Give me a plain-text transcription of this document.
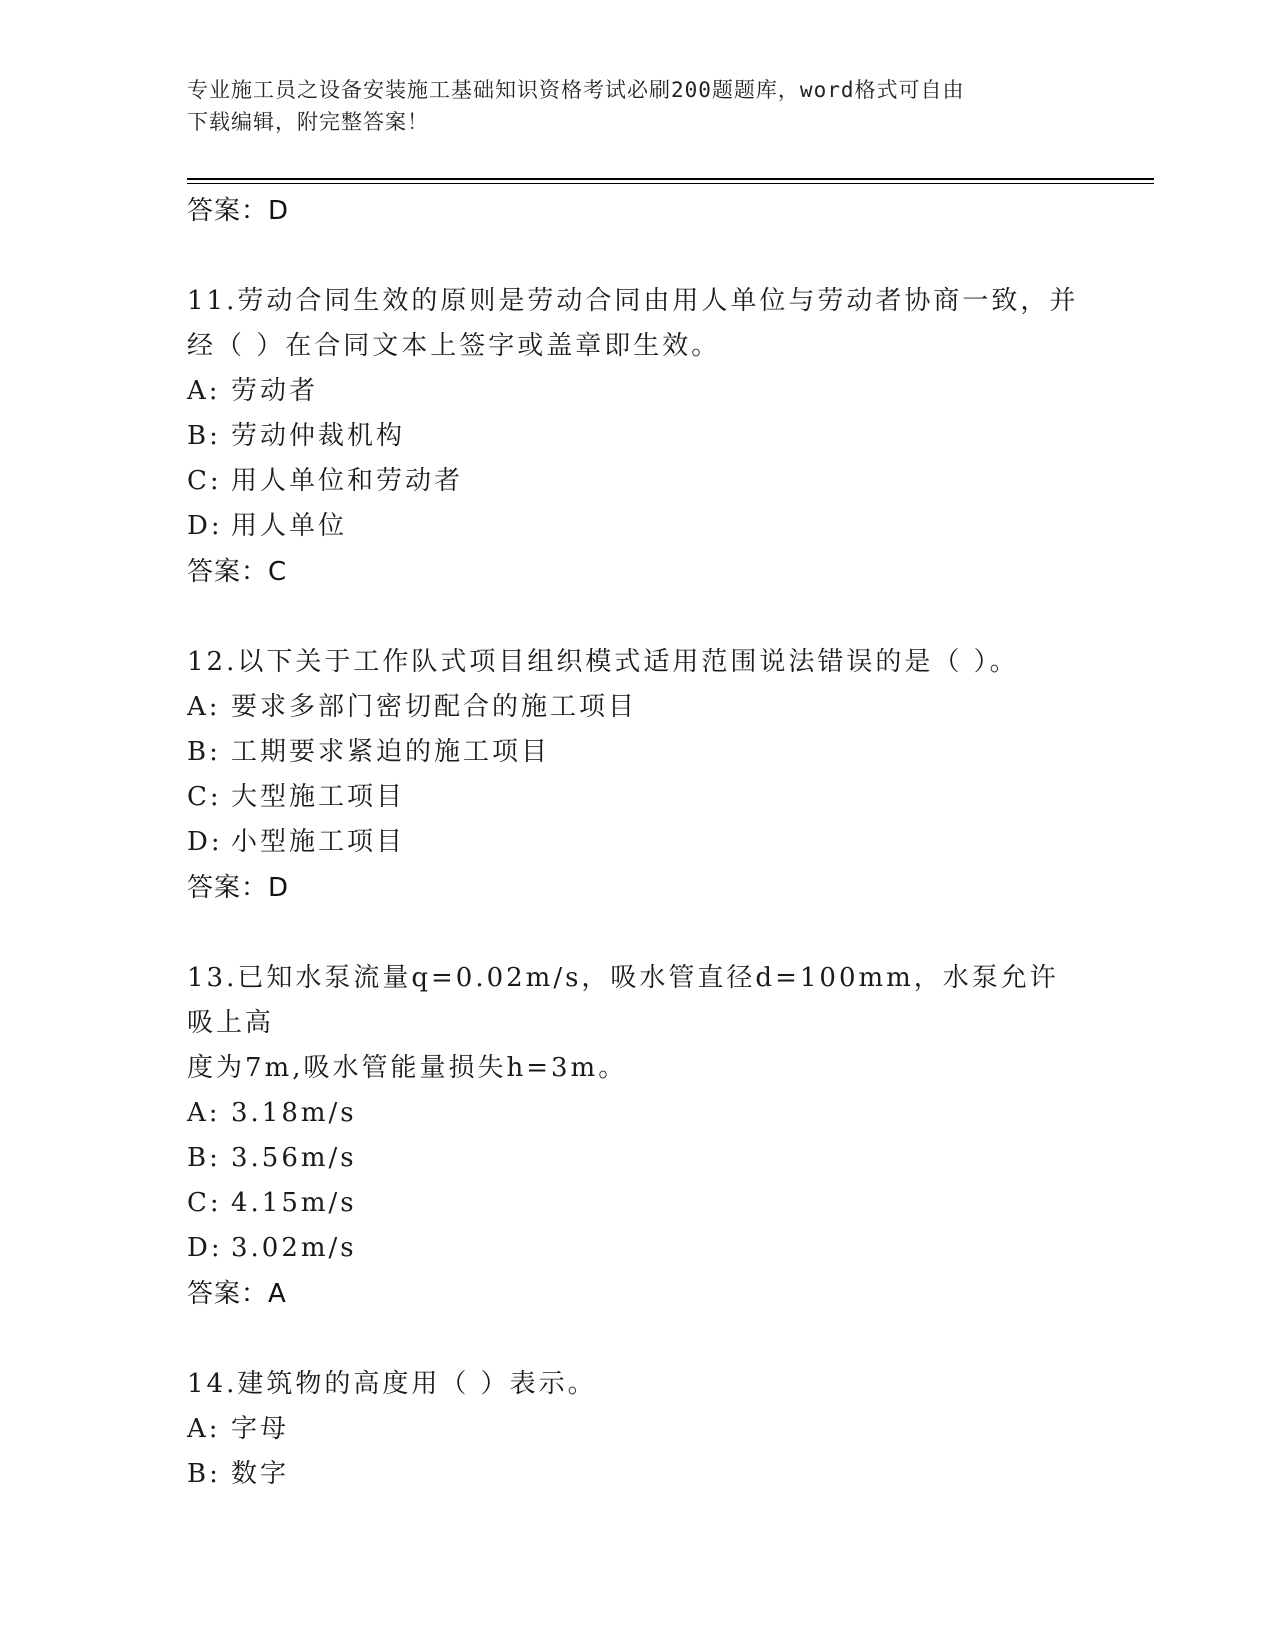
专业施工员之设备安装施工基础知识资格考试必刷200题题库，word格式可自由
下载编辑，附完整答案！
答案：D
11.劳动合同生效的原则是劳动合同由用人单位与劳动者协商一致，并
经（ ）在合同文本上签字或盖章即生效。
A: 劳动者
B: 劳动仲裁机构
C: 用人单位和劳动者
D: 用人单位
答案：C
12.以下关于工作队式项目组织模式适用范围说法错误的是（ ）。
A: 要求多部门密切配合的施工项目
B: 工期要求紧迫的施工项目
C: 大型施工项目
D: 小型施工项目
答案：D
13.已知水泵流量q=0.02m/s，吸水管直径d=100mm，水泵允许吸上高
度为7m,吸水管能量损失h=3m。
A: 3.18m/s
B: 3.56m/s
C: 4.15m/s
D: 3.02m/s
答案：A
14.建筑物的高度用（ ）表示。
A: 字母
B: 数字
